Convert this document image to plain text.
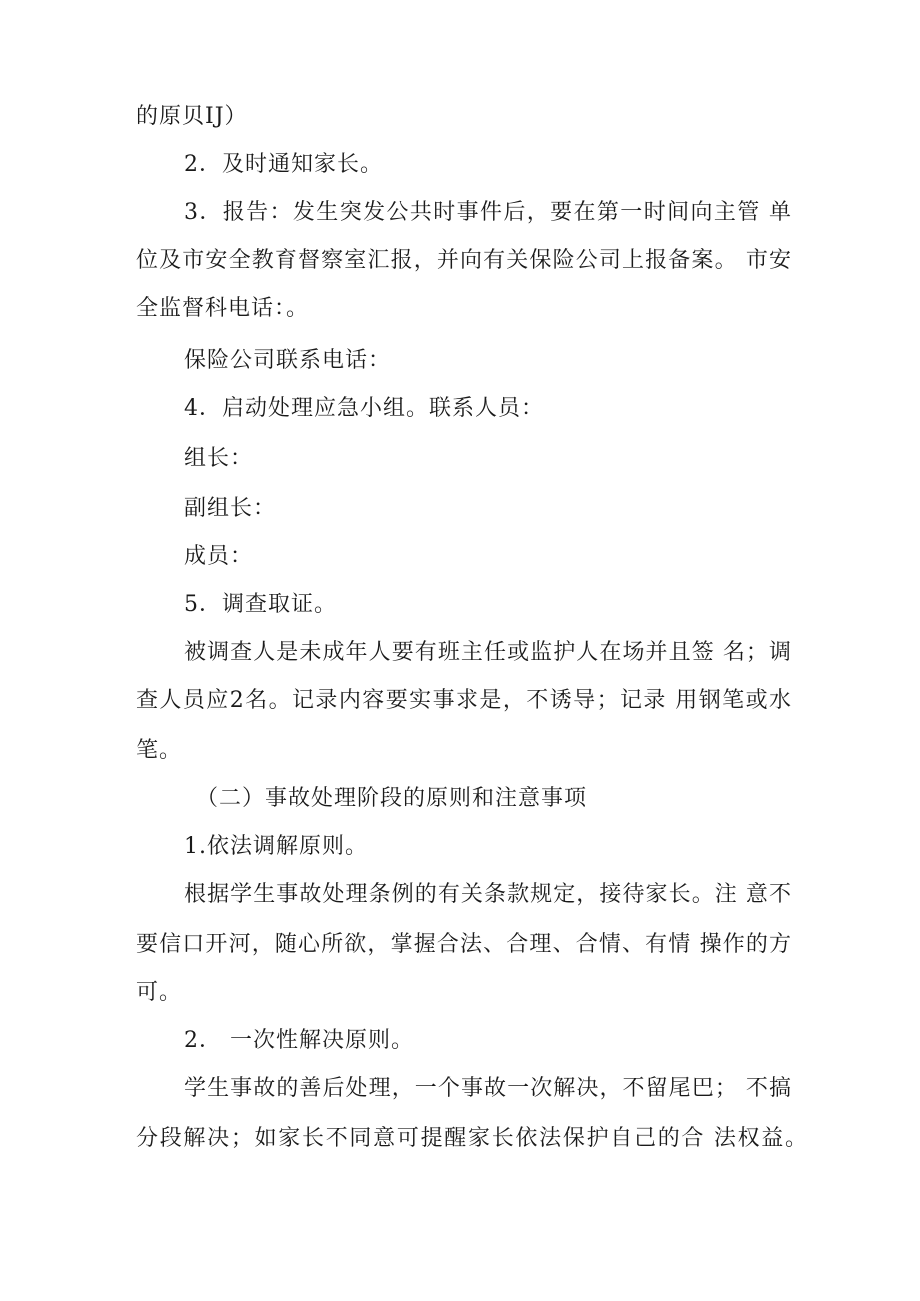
的原贝IJ）
2．及时通知家长。
3．报告：发生突发公共时事件后，要在第一时间向主管 单
位及市安全教育督察室汇报，并向有关保险公司上报备案。 市安
全监督科电话：。
保险公司联系电话：
4．启动处理应急小组。联系人员：
组长：
副组长：
成员：
5．调查取证。
被调查人是未成年人要有班主任或监护人在场并且签 名；调
查人员应2名。记录内容要实事求是，不诱导；记录 用钢笔或水
笔。
（二）事故处理阶段的原则和注意事项
1.依法调解原则。
根据学生事故处理条例的有关条款规定，接待家长。注 意不
要信口开河，随心所欲，掌握合法、合理、合情、有情 操作的方
可。
2． 一次性解决原则。
学生事故的善后处理，一个事故一次解决，不留尾巴； 不搞
分段解决；如家长不同意可提醒家长依法保护自己的合 法权益。
